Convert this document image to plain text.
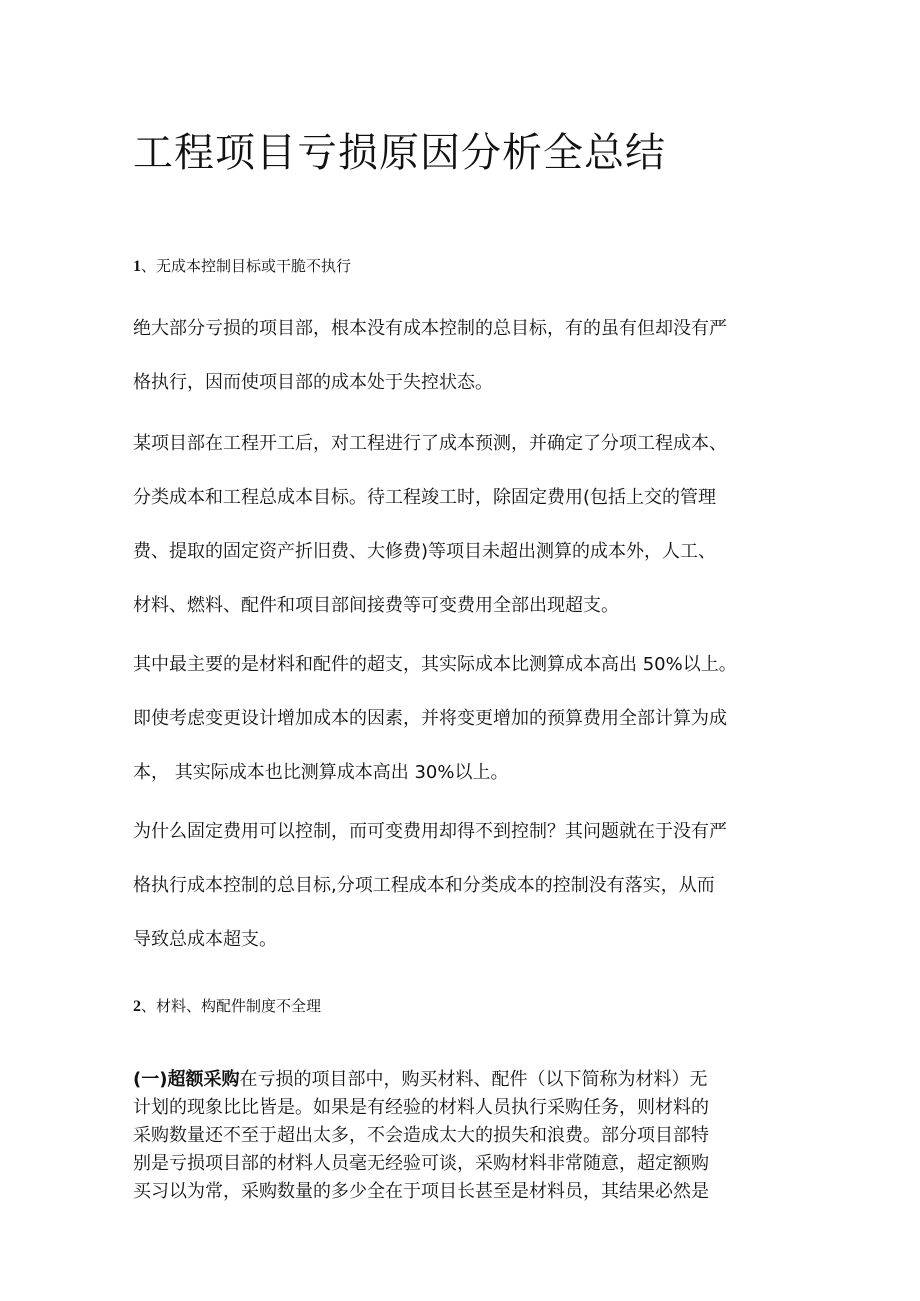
工程项目亏损原因分析全总结

1、无成本控制目标或干脆不执行

绝大部分亏损的项目部，根本没有成本控制的总目标，有的虽有但却没有严
格执行，因而使项目部的成本处于失控状态。
某项目部在工程开工后，对工程进行了成本预测，并确定了分项工程成本、
分类成本和工程总成本目标。待工程竣工时，除固定费用(包括上交的管理
费、提取的固定资产折旧费、大修费)等项目未超出测算的成本外，人工、
材料、燃料、配件和项目部间接费等可变费用全部出现超支。
其中最主要的是材料和配件的超支，其实际成本比测算成本高出 50%以上。
即使考虑变更设计增加成本的因素，并将变更增加的预算费用全部计算为成
本， 其实际成本也比测算成本高出 30%以上。
为什么固定费用可以控制，而可变费用却得不到控制？其问题就在于没有严
格执行成本控制的总目标,分项工程成本和分类成本的控制没有落实，从而
导致总成本超支。

2、材料、构配件制度不全理

(一)超额采购在亏损的项目部中，购买材料、配件（以下简称为材料）无
计划的现象比比皆是。如果是有经验的材料人员执行采购任务，则材料的
采购数量还不至于超出太多，不会造成太大的损失和浪费。部分项目部特
别是亏损项目部的材料人员毫无经验可谈，采购材料非常随意，超定额购
买习以为常，采购数量的多少全在于项目长甚至是材料员，其结果必然是
